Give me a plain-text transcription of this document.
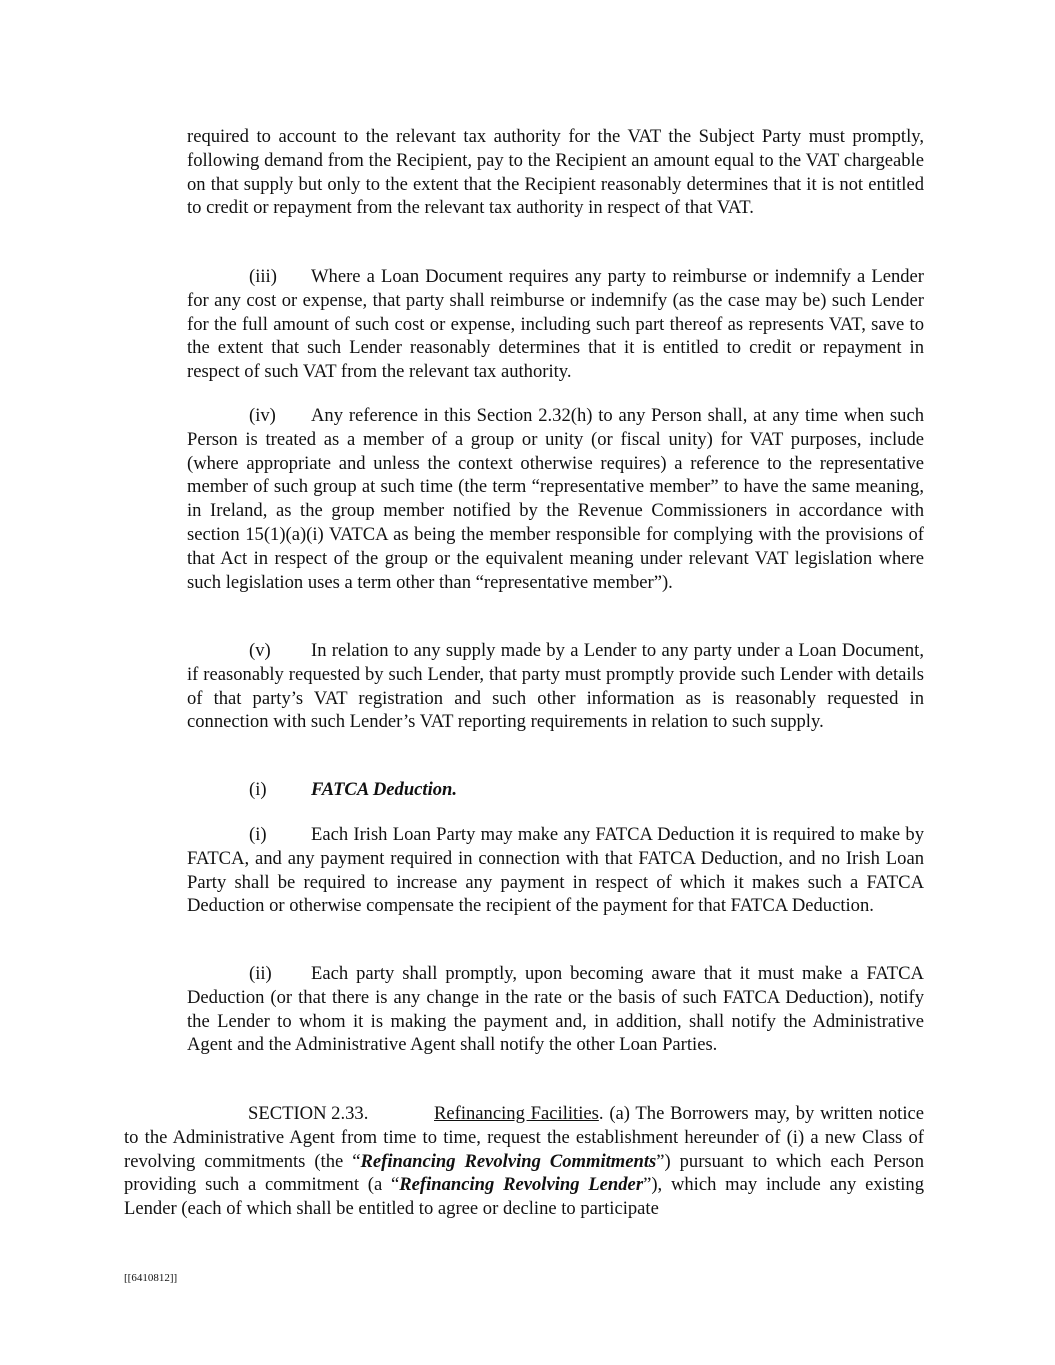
required to account to the relevant tax authority for the VAT the Subject Party must promptly, following demand from the Recipient, pay to the Recipient an amount equal to the VAT chargeable on that supply but only to the extent that the Recipient reasonably determines that it is not entitled to credit or repayment from the relevant tax authority in respect of that VAT.

(iii) Where a Loan Document requires any party to reimburse or indemnify a Lender for any cost or expense, that party shall reimburse or indemnify (as the case may be) such Lender for the full amount of such cost or expense, including such part thereof as represents VAT, save to the extent that such Lender reasonably determines that it is entitled to credit or repayment in respect of such VAT from the relevant tax authority.

(iv) Any reference in this Section 2.32(h) to any Person shall, at any time when such Person is treated as a member of a group or unity (or fiscal unity) for VAT purposes, include (where appropriate and unless the context otherwise requires) a reference to the representative member of such group at such time (the term “representative member” to have the same meaning, in Ireland, as the group member notified by the Revenue Commissioners in accordance with section 15(1)(a)(i) VATCA as being the member responsible for complying with the provisions of that Act in respect of the group or the equivalent meaning under relevant VAT legislation where such legislation uses a term other than “representative member”).

(v) In relation to any supply made by a Lender to any party under a Loan Document, if reasonably requested by such Lender, that party must promptly provide such Lender with details of that party’s VAT registration and such other information as is reasonably requested in connection with such Lender’s VAT reporting requirements in relation to such supply.

(i) FATCA Deduction.

(i) Each Irish Loan Party may make any FATCA Deduction it is required to make by FATCA, and any payment required in connection with that FATCA Deduction, and no Irish Loan Party shall be required to increase any payment in respect of which it makes such a FATCA Deduction or otherwise compensate the recipient of the payment for that FATCA Deduction.

(ii) Each party shall promptly, upon becoming aware that it must make a FATCA Deduction (or that there is any change in the rate or the basis of such FATCA Deduction), notify the Lender to whom it is making the payment and, in addition, shall notify the Administrative Agent and the Administrative Agent shall notify the other Loan Parties.

SECTION 2.33.	Refinancing Facilities. (a) The Borrowers may, by written notice to the Administrative Agent from time to time, request the establishment hereunder of (i) a new Class of revolving commitments (the “Refinancing Revolving Commitments”) pursuant to which each Person providing such a commitment (a “Refinancing Revolving Lender”), which may include any existing Lender (each of which shall be entitled to agree or decline to participate

[[6410812]]
